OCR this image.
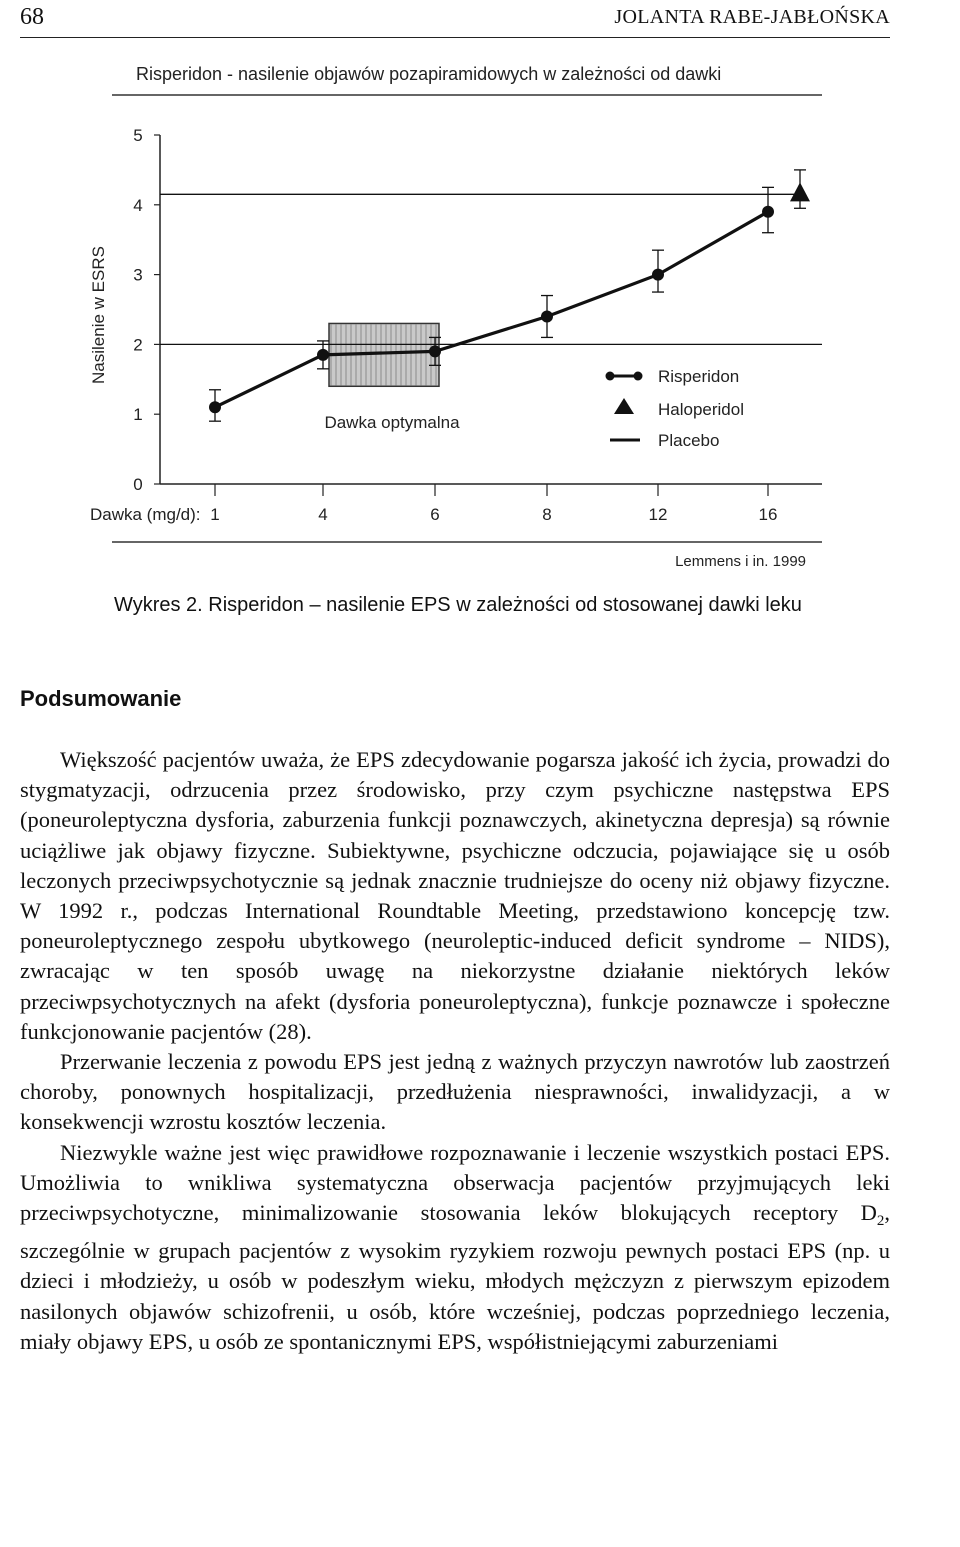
68	JOLANTA RABE-JABŁOŃSKA
Risperidon - nasilenie objawów pozapiramidowych w zależności od dawki
Nasilenie w ESRS
0
1
2
3
4
5
Dawka (mg/d): 1	4	6	8	12	16
Dawka optymalna
Risperidon
Haloperidol
Placebo
Lemmens i in. 1999
Wykres 2. Risperidon – nasilenie EPS w zależności od stosowanej dawki leku
Podsumowanie

Większość pacjentów uważa, że EPS zdecydowanie pogarsza jakość ich życia, prowadzi do stygmatyzacji, odrzucenia przez środowisko, przy czym psychiczne następstwa EPS (poneuroleptyczna dysforia, zaburzenia funkcji poznawczych, akinetyczna depresja) są równie uciążliwe jak objawy fizyczne. Subiektywne, psychiczne odczucia, pojawiające się u osób leczonych przeciwpsychotycznie są jednak znacznie trudniejsze do oceny niż objawy fizyczne. W 1992 r., podczas International Roundtable Meeting, przedstawiono koncepcję tzw. poneuroleptycznego zespołu ubytkowego (neuroleptic-induced deficit syndrome – NIDS), zwracając w ten sposób uwagę na niekorzystne działanie niektórych leków przeciwpsychotycznych na afekt (dysforia poneuroleptyczna), funkcje poznawcze i społeczne funkcjonowanie pacjentów (28).

Przerwanie leczenia z powodu EPS jest jedną z ważnych przyczyn nawrotów lub zaostrzeń choroby, ponownych hospitalizacji, przedłużenia niesprawności, inwalidyzacji, a w konsekwencji wzrostu kosztów leczenia.

Niezwykle ważne jest więc prawidłowe rozpoznawanie i leczenie wszystkich postaci EPS. Umożliwia to wnikliwa systematyczna obserwacja pacjentów przyjmujących leki przeciwpsychotyczne, minimalizowanie stosowania leków blokujących receptory $D_2$, szczególnie w grupach pacjentów z wysokim ryzykiem rozwoju pewnych postaci EPS (np. u dzieci i młodzieży, u osób w podeszłym wieku, młodych mężczyzn z pierwszym epizodem nasilonych objawów schizofrenii, u osób, które wcześniej, podczas poprzedniego leczenia, miały objawy EPS, u osób ze spontanicznymi EPS, współistniejącymi zaburzeniami
